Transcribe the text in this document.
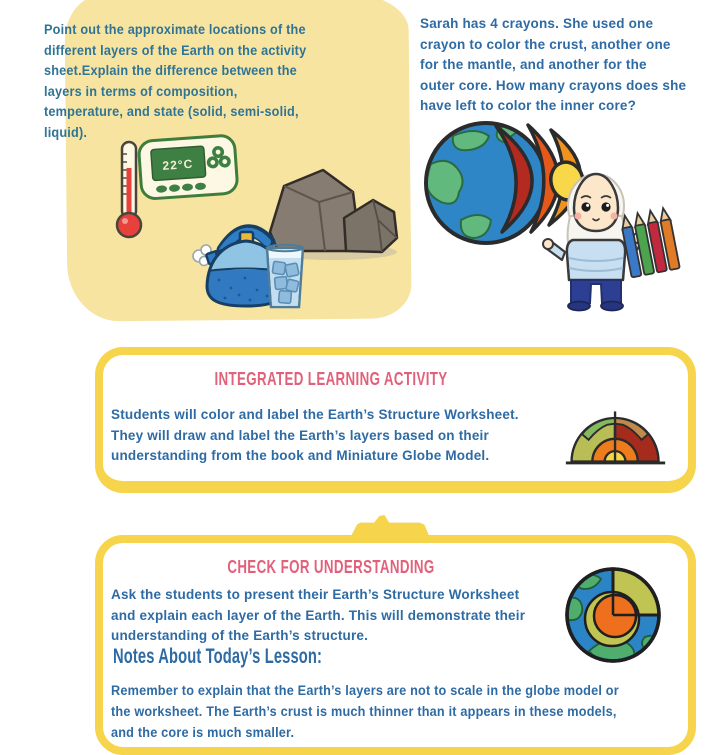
Point out the approximate locations of the
different layers of the Earth on the activity
sheet.Explain the difference between the
layers in terms of composition,
temperature, and state (solid, semi-solid,
liquid).
22°C
Sarah has 4 crayons. She used one
crayon to color the crust, another one
for the mantle, and another for the
outer core. How many crayons does she
have left to color the inner core?
INTEGRATED LEARNING ACTIVITY
Students will color and label the Earth’s Structure Worksheet.
They will draw and label the Earth’s layers based on their
understanding from the book and Miniature Globe Model.
CHECK FOR UNDERSTANDING
Ask the students to present their Earth’s Structure Worksheet
and explain each layer of the Earth. This will demonstrate their
understanding of the Earth’s structure.
Notes About Today’s Lesson:
Remember to explain that the Earth’s layers are not to scale in the globe model or
the worksheet. The Earth’s crust is much thinner than it appears in these models,
and the core is much smaller.
